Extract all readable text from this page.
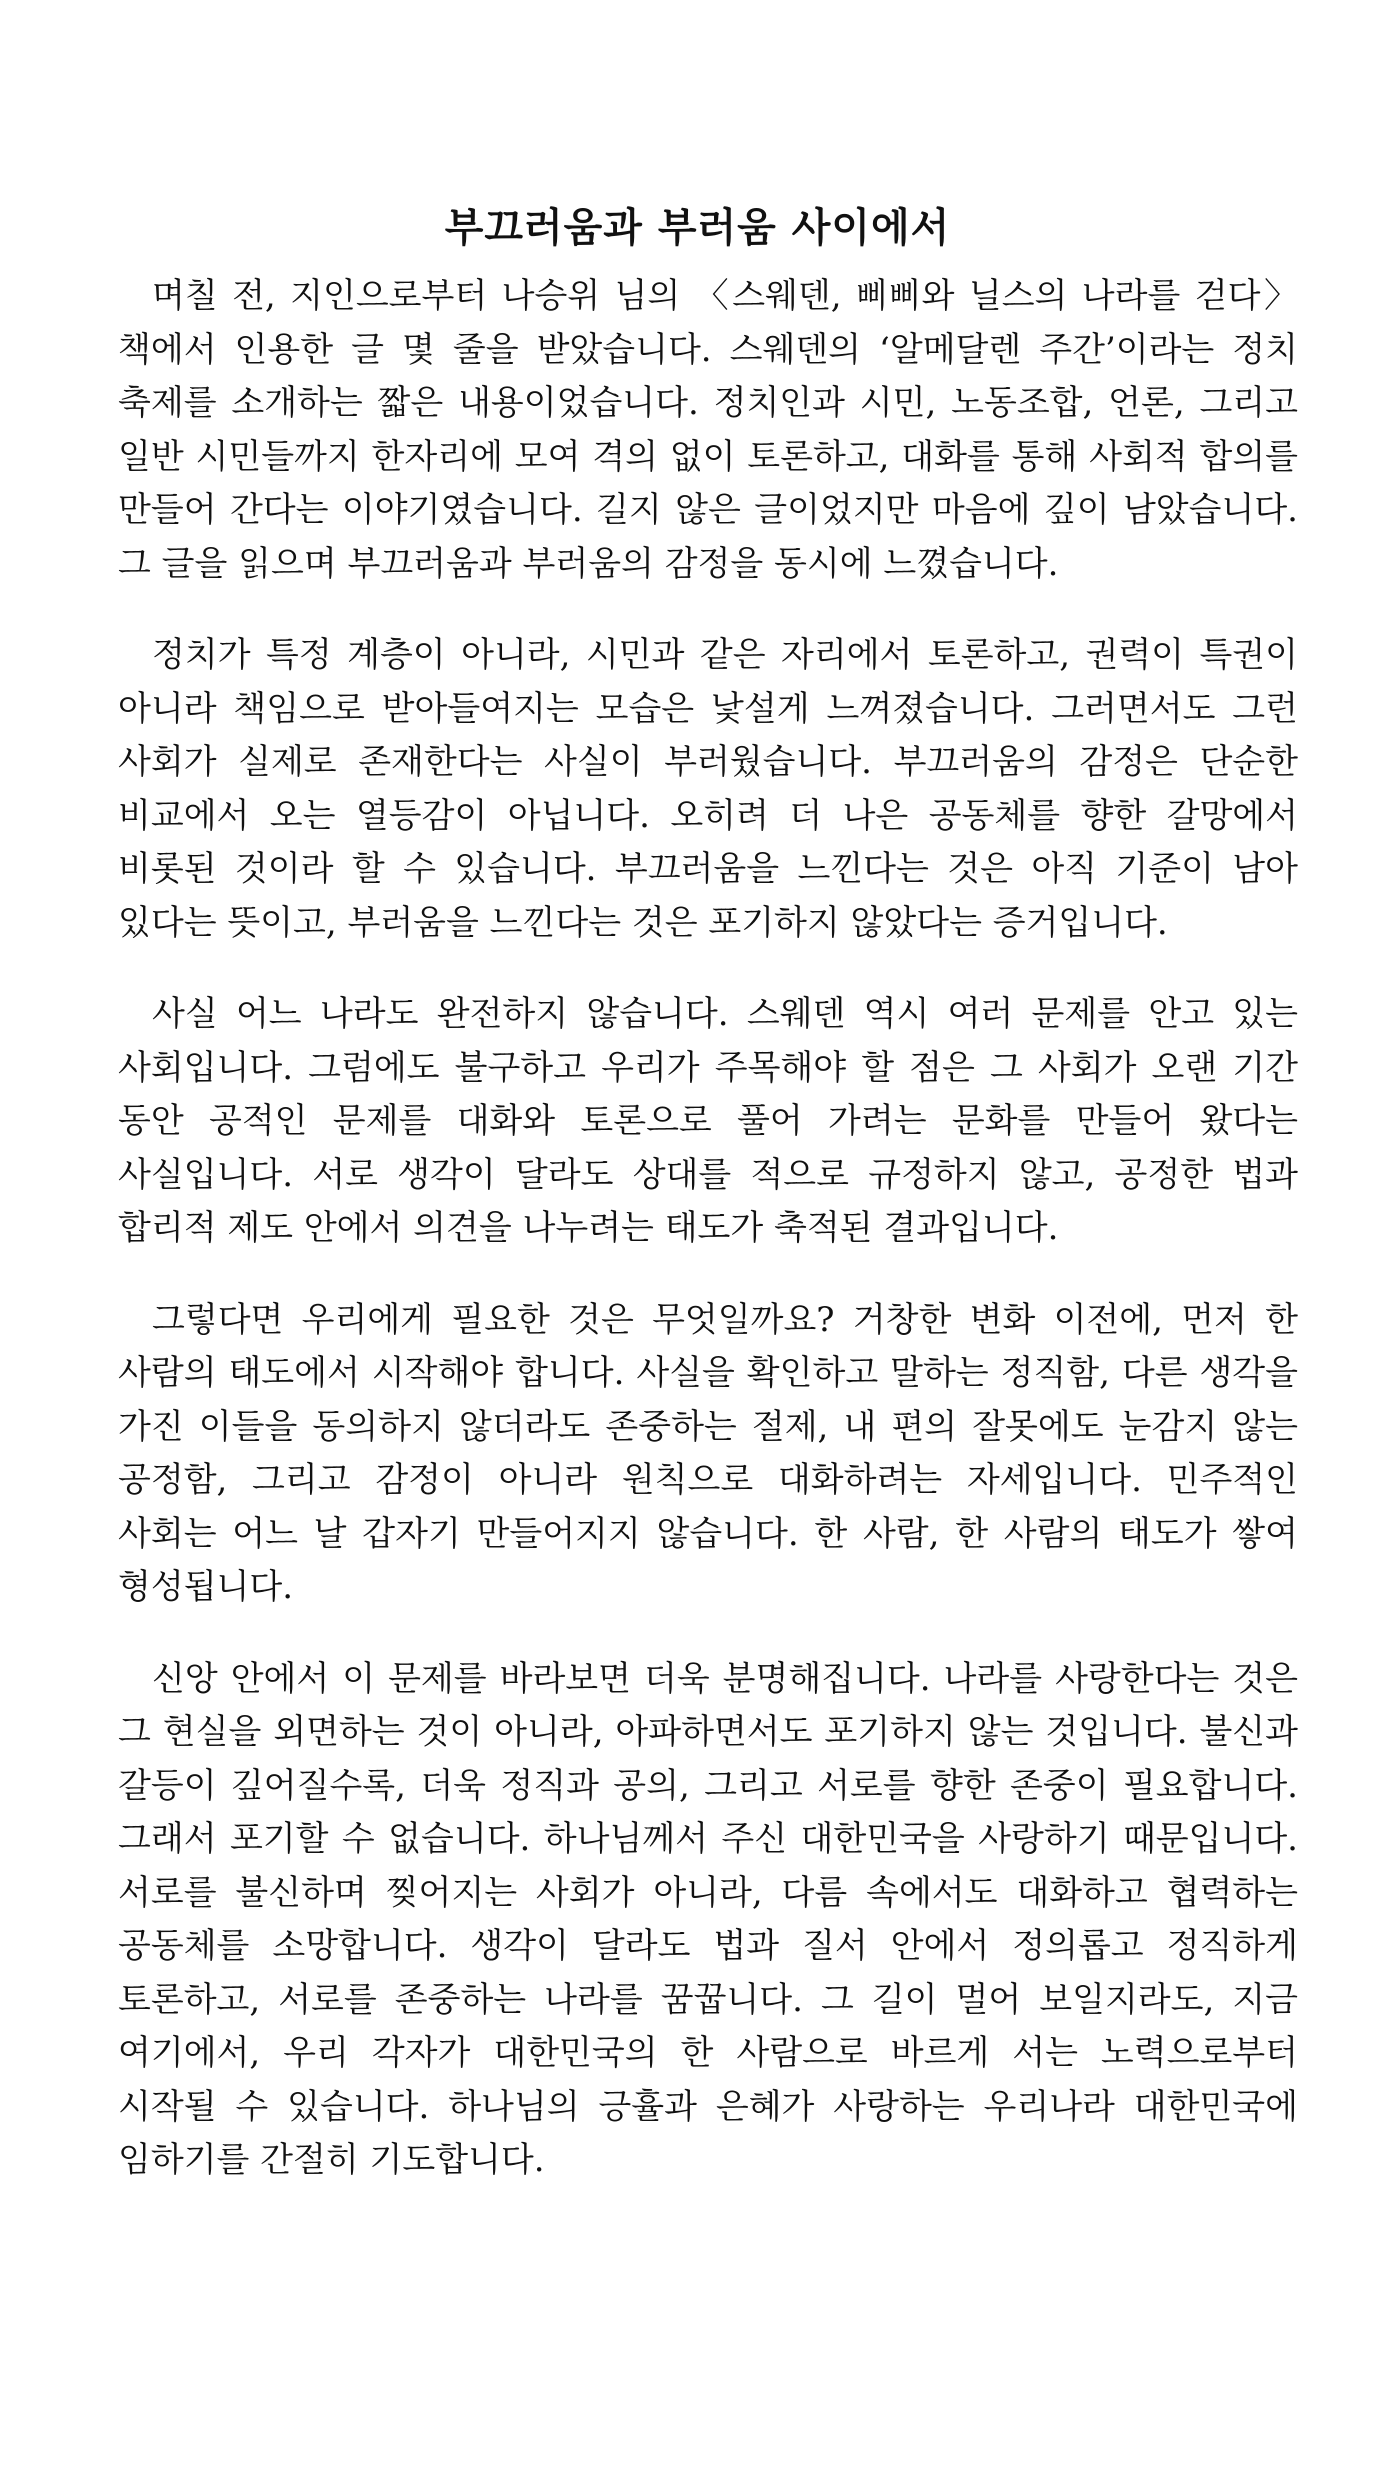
부끄러움과 부러움 사이에서

며칠 전, 지인으로부터 나승위 님의 〈스웨덴, 삐삐와 닐스의 나라를 걷다〉 책에서 인용한 글 몇 줄을 받았습니다. 스웨덴의 ‘알메달렌 주간’이라는 정치 축제를 소개하는 짧은 내용이었습니다. 정치인과 시민, 노동조합, 언론, 그리고 일반 시민들까지 한자리에 모여 격의 없이 토론하고, 대화를 통해 사회적 합의를 만들어 간다는 이야기였습니다. 길지 않은 글이었지만 마음에 깊이 남았습니다. 그 글을 읽으며 부끄러움과 부러움의 감정을 동시에 느꼈습니다.

정치가 특정 계층이 아니라, 시민과 같은 자리에서 토론하고, 권력이 특권이 아니라 책임으로 받아들여지는 모습은 낯설게 느껴졌습니다. 그러면서도 그런 사회가 실제로 존재한다는 사실이 부러웠습니다. 부끄러움의 감정은 단순한 비교에서 오는 열등감이 아닙니다. 오히려 더 나은 공동체를 향한 갈망에서 비롯된 것이라 할 수 있습니다. 부끄러움을 느낀다는 것은 아직 기준이 남아 있다는 뜻이고, 부러움을 느낀다는 것은 포기하지 않았다는 증거입니다.

사실 어느 나라도 완전하지 않습니다. 스웨덴 역시 여러 문제를 안고 있는 사회입니다. 그럼에도 불구하고 우리가 주목해야 할 점은 그 사회가 오랜 기간 동안 공적인 문제를 대화와 토론으로 풀어 가려는 문화를 만들어 왔다는 사실입니다. 서로 생각이 달라도 상대를 적으로 규정하지 않고, 공정한 법과 합리적 제도 안에서 의견을 나누려는 태도가 축적된 결과입니다.

그렇다면 우리에게 필요한 것은 무엇일까요? 거창한 변화 이전에, 먼저 한 사람의 태도에서 시작해야 합니다. 사실을 확인하고 말하는 정직함, 다른 생각을 가진 이들을 동의하지 않더라도 존중하는 절제, 내 편의 잘못에도 눈감지 않는 공정함, 그리고 감정이 아니라 원칙으로 대화하려는 자세입니다. 민주적인 사회는 어느 날 갑자기 만들어지지 않습니다. 한 사람, 한 사람의 태도가 쌓여 형성됩니다.

신앙 안에서 이 문제를 바라보면 더욱 분명해집니다. 나라를 사랑한다는 것은 그 현실을 외면하는 것이 아니라, 아파하면서도 포기하지 않는 것입니다. 불신과 갈등이 깊어질수록, 더욱 정직과 공의, 그리고 서로를 향한 존중이 필요합니다. 그래서 포기할 수 없습니다. 하나님께서 주신 대한민국을 사랑하기 때문입니다. 서로를 불신하며 찢어지는 사회가 아니라, 다름 속에서도 대화하고 협력하는 공동체를 소망합니다. 생각이 달라도 법과 질서 안에서 정의롭고 정직하게 토론하고, 서로를 존중하는 나라를 꿈꿉니다. 그 길이 멀어 보일지라도, 지금 여기에서, 우리 각자가 대한민국의 한 사람으로 바르게 서는 노력으로부터 시작될 수 있습니다. 하나님의 긍휼과 은혜가 사랑하는 우리나라 대한민국에 임하기를 간절히 기도합니다.
